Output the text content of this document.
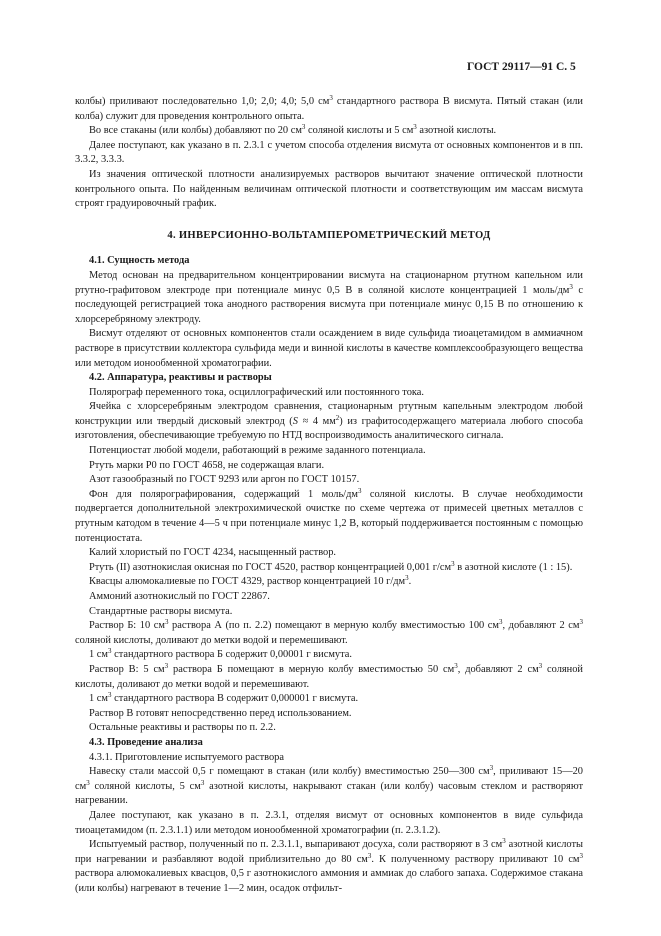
ГОСТ 29117—91 С. 5
колбы) приливают последовательно 1,0; 2,0; 4,0; 5,0 $см^3$ стандартного раствора В висмута. Пятый стакан (или колба) служит для проведения контрольного опыта.
Во все стаканы (или колбы) добавляют по 20 $см^3$ соляной кислоты и 5 $см^3$ азотной кислоты.
Далее поступают, как указано в п. 2.3.1 с учетом способа отделения висмута от основных компонентов и в пп. 3.3.2, 3.3.3.
Из значения оптической плотности анализируемых растворов вычитают значение оптической плотности контрольного опыта. По найденным величинам оптической плотности и соответствующим им массам висмута строят градуировочный график.
4. ИНВЕРСИОННО-ВОЛЬТАМПЕРОМЕТРИЧЕСКИЙ МЕТОД
4.1. Сущность метода
Метод основан на предварительном концентрировании висмута на стационарном ртутном капельном или ртутно-графитовом электроде при потенциале минус 0,5 В в соляной кислоте концентрацией 1 моль/$дм^3$ с последующей регистрацией тока анодного растворения висмута при потенциале минус 0,15 В по отношению к хлорсеребряному электроду.
Висмут отделяют от основных компонентов стали осаждением в виде сульфида тиоацетамидом в аммиачном растворе в присутствии коллектора сульфида меди и винной кислоты в качестве комплексообразующего вещества или методом ионообменной хроматографии.
4.2. Аппаратура, реактивы и растворы
Полярограф переменного тока, осциллографический или постоянного тока.
Ячейка с хлорсеребряным электродом сравнения, стационарным ртутным капельным электродом любой конструкции или твердый дисковый электрод (S ≈ 4 $мм^2$) из графитосодержащего материала любого способа изготовления, обеспечивающие требуемую по НТД воспроизводимость аналитического сигнала.
Потенциостат любой модели, работающий в режиме заданного потенциала.
Ртуть марки Р0 по ГОСТ 4658, не содержащая влаги.
Азот газообразный по ГОСТ 9293 или аргон по ГОСТ 10157.
Фон для полярографирования, содержащий 1 моль/$дм^3$ соляной кислоты. В случае необходимости подвергается дополнительной электрохимической очистке по схеме чертежа от примесей цветных металлов с ртутным катодом в течение 4—5 ч при потенциале минус 1,2 В, который поддерживается постоянным с помощью потенциостата.
Калий хлористый по ГОСТ 4234, насыщенный раствор.
Ртуть (II) азотнокислая окисная по ГОСТ 4520, раствор концентрацией 0,001 $г/см^3$ в азотной кислоте (1 : 15).
Квасцы алюмокалиевые по ГОСТ 4329, раствор концентрацией 10 $г/дм^3$.
Аммоний азотнокислый по ГОСТ 22867.
Стандартные растворы висмута.
Раствор Б: 10 $см^3$ раствора А (по п. 2.2) помещают в мерную колбу вместимостью 100 $см^3$, добавляют 2 $см^3$ соляной кислоты, доливают до метки водой и перемешивают.
1 $см^3$ стандартного раствора Б содержит 0,00001 г висмута.
Раствор В: 5 $см^3$ раствора Б помещают в мерную колбу вместимостью 50 $см^3$, добавляют 2 $см^3$ соляной кислоты, доливают до метки водой и перемешивают.
1 $см^3$ стандартного раствора В содержит 0,000001 г висмута.
Раствор В готовят непосредственно перед использованием.
Остальные реактивы и растворы по п. 2.2.
4.3. Проведение анализа
4.3.1. Приготовление испытуемого раствора
Навеску стали массой 0,5 г помещают в стакан (или колбу) вместимостью 250—300 $см^3$, приливают 15—20 $см^3$ соляной кислоты, 5 $см^3$ азотной кислоты, накрывают стакан (или колбу) часовым стеклом и растворяют нагревании.
Далее поступают, как указано в п. 2.3.1, отделяя висмут от основных компонентов в виде сульфида тиоацетамидом (п. 2.3.1.1) или методом ионообменной хроматографии (п. 2.3.1.2).
Испытуемый раствор, полученный по п. 2.3.1.1, выпаривают досуха, соли растворяют в 3 $см^3$ азотной кислоты при нагревании и разбавляют водой приблизительно до 80 $см^3$. К полученному раствору приливают 10 $см^3$ раствора алюмокалиевых квасцов, 0,5 г азотнокислого аммония и аммиак до слабого запаха. Содержимое стакана (или колбы) нагревают в течение 1—2 мин, осадок отфильт-
